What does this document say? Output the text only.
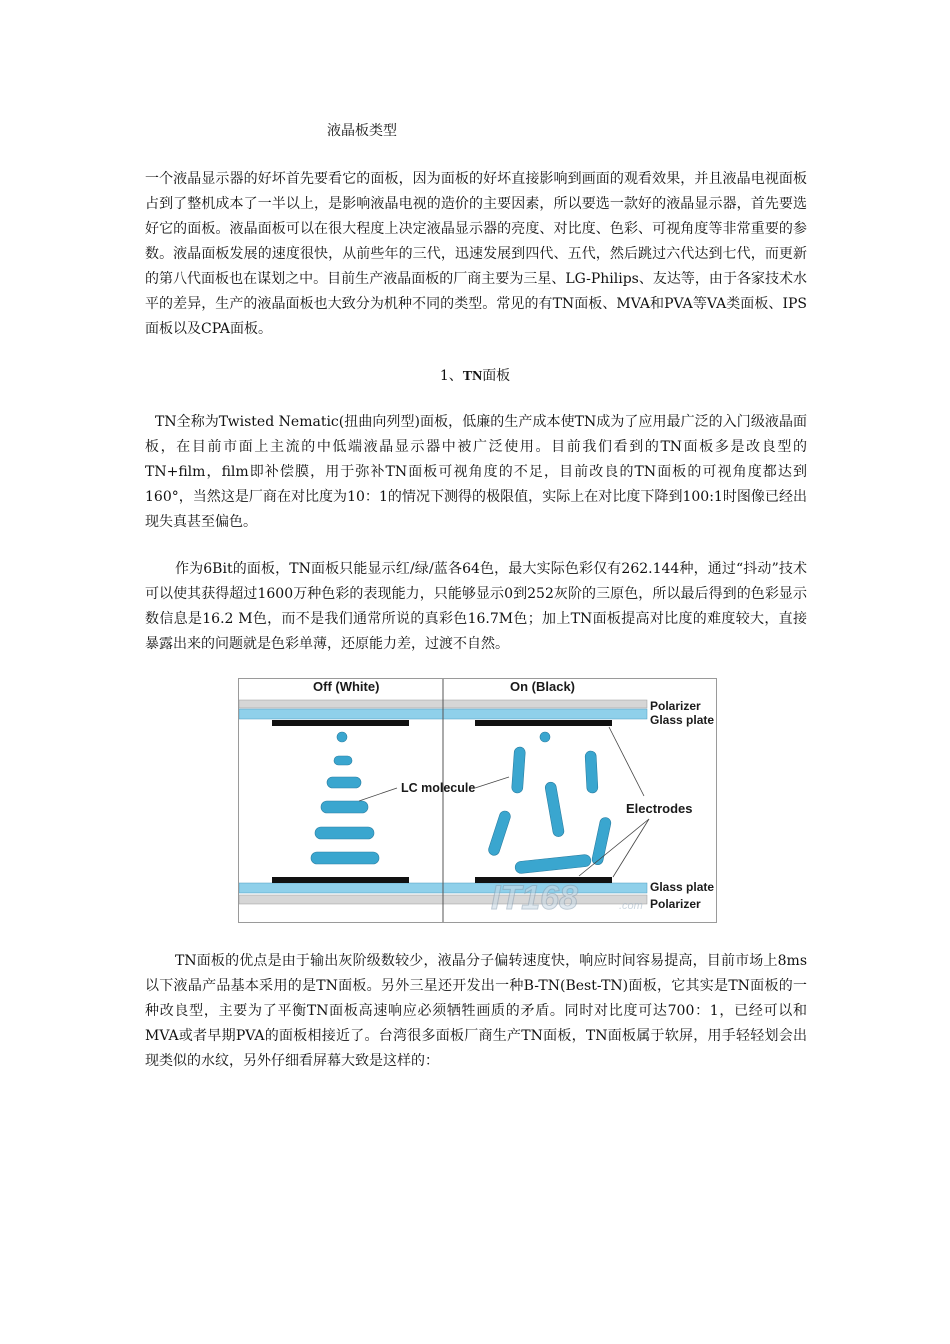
液晶板类型

一个液晶显示器的好坏首先要看它的面板，因为面板的好坏直接影响到画面的观看效果，并且液晶电视面板占到了整机成本了一半以上，是影响液晶电视的造价的主要因素，所以要选一款好的液晶显示器，首先要选好它的面板。液晶面板可以在很大程度上决定液晶显示器的亮度、对比度、色彩、可视角度等非常重要的参数。液晶面板发展的速度很快，从前些年的三代，迅速发展到四代、五代，然后跳过六代达到七代，而更新的第八代面板也在谋划之中。目前生产液晶面板的厂商主要为三星、LG-Philips、友达等，由于各家技术水平的差异，生产的液晶面板也大致分为机种不同的类型。常见的有TN面板、MVA和PVA等VA类面板、IPS面板以及CPA面板。

1、TN面板

TN全称为Twisted Nematic(扭曲向列型)面板，低廉的生产成本使TN成为了应用最广泛的入门级液晶面板，在目前市面上主流的中低端液晶显示器中被广泛使用。目前我们看到的TN面板多是改良型的TN+film，film即补偿膜，用于弥补TN面板可视角度的不足，目前改良的TN面板的可视角度都达到160°，当然这是厂商在对比度为10：1的情况下测得的极限值，实际上在对比度下降到100:1时图像已经出现失真甚至偏色。

作为6Bit的面板，TN面板只能显示红/绿/蓝各64色，最大实际色彩仅有262.144种，通过“抖动”技术可以使其获得超过1600万种色彩的表现能力，只能够显示0到252灰阶的三原色，所以最后得到的色彩显示数信息是16.2 M色，而不是我们通常所说的真彩色16.7M色；加上TN面板提高对比度的难度较大，直接暴露出来的问题就是色彩单薄，还原能力差，过渡不自然。

Off (White)	On (Black)
Polarizer
Glass plate
LC molecule
Electrodes
Glass plate
Polarizer
IT168	.com

TN面板的优点是由于输出灰阶级数较少，液晶分子偏转速度快，响应时间容易提高，目前市场上8ms以下液晶产品基本采用的是TN面板。另外三星还开发出一种B-TN(Best-TN)面板，它其实是TN面板的一种改良型，主要为了平衡TN面板高速响应必须牺牲画质的矛盾。同时对比度可达700：1，已经可以和MVA或者早期PVA的面板相接近了。台湾很多面板厂商生产TN面板，TN面板属于软屏，用手轻轻划会出现类似的水纹，另外仔细看屏幕大致是这样的：
